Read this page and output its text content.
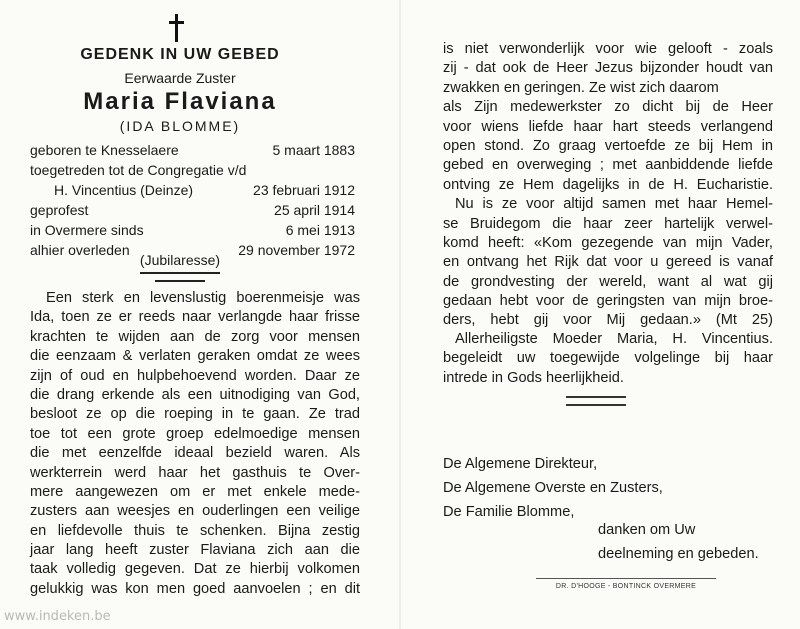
GEDENK IN UW GEBED
Eerwaarde Zuster
Maria Flaviana
(IDA BLOMME)
geboren te Knesselaere	5 maart 1883
toegetreden tot de Congregatie v/d
H. Vincentius (Deinze)	23 februari 1912
geprofest	25 april 1914
in Overmere sinds	6 mei 1913
alhier overleden	29 november 1972
(Jubilaresse)
Een sterk en levenslustig boerenmeisje was
Ida, toen ze er reeds naar verlangde haar frisse
krachten te wijden aan de zorg voor mensen
die eenzaam & verlaten geraken omdat ze wees
zijn of oud en hulpbehoevend worden. Daar ze
die drang erkende als een uitnodiging van God,
besloot ze op die roeping in te gaan. Ze trad
toe tot een grote groep edelmoedige mensen
die met eenzelfde ideaal bezield waren. Als
werkterrein werd haar het gasthuis te Over-
mere aangewezen om er met enkele mede-
zusters aan weesjes en ouderlingen een veilige
en liefdevolle thuis te schenken. Bijna zestig
jaar lang heeft zuster Flaviana zich aan die
taak volledig gegeven. Dat ze hierbij volkomen
gelukkig was kon men goed aanvoelen ; en dit
is niet verwonderlijk voor wie gelooft - zoals
zij - dat ook de Heer Jezus bijzonder houdt van
zwakken en geringen. Ze wist zich daarom
als Zijn medewerkster zo dicht bij de Heer
voor wiens liefde haar hart steeds verlangend
open stond. Zo graag vertoefde ze bij Hem in
gebed en overweging ; met aanbiddende liefde
ontving ze Hem dagelijks in de H. Eucharistie.
Nu is ze voor altijd samen met haar Hemel-
se Bruidegom die haar zeer hartelijk verwel-
komd heeft: «Kom gezegende van mijn Vader,
en ontvang het Rijk dat voor u gereed is vanaf
de grondvesting der wereld, want al wat gij
gedaan hebt voor de geringsten van mijn broe-
ders, hebt gij voor Mij gedaan.» (Mt 25)
Allerheiligste Moeder Maria, H. Vincentius.
begeleidt uw toegewijde volgelinge bij haar
intrede in Gods heerlijkheid.
De Algemene Direkteur,
De Algemene Overste en Zusters,
De Familie Blomme,
danken om Uw
deelneming en gebeden.
DR. D'HOOGE - BONTINCK OVERMERE
www.indeken.be
